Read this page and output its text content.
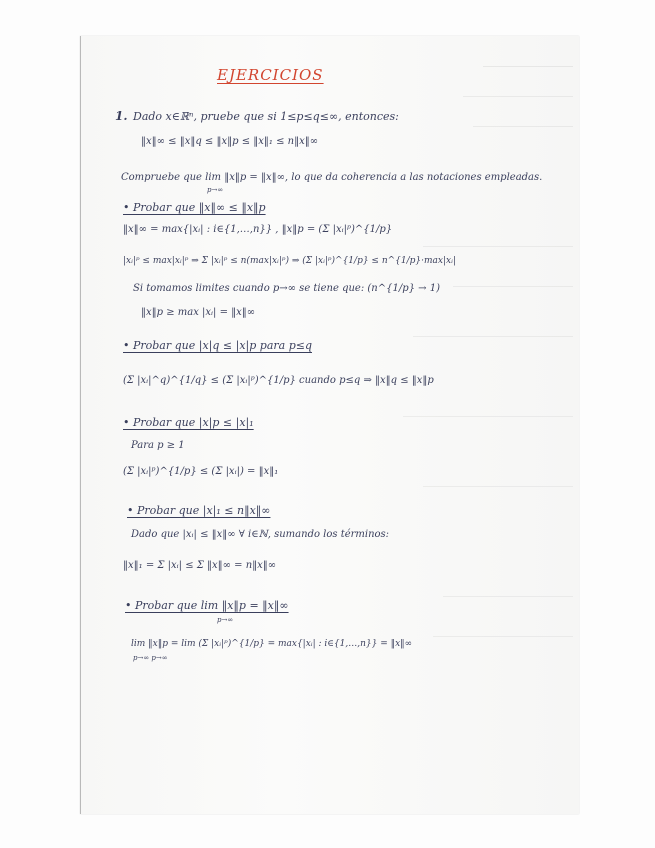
EJERCICIOS
1. Dado x∈ℝⁿ, pruebe que si 1≤p≤q≤∞, entonces:
‖x‖∞ ≤ ‖x‖q ≤ ‖x‖p ≤ ‖x‖₁ ≤ n‖x‖∞
Compruebe que lim ‖x‖p = ‖x‖∞, lo que da coherencia a las notaciones empleadas.
p→∞
• Probar que ‖x‖∞ ≤ ‖x‖p
‖x‖∞ = max{|xᵢ| : i∈{1,…,n}} , ‖x‖p = (Σ |xᵢ|ᵖ)^{1/p}
|xᵢ|ᵖ ≤ max|xᵢ|ᵖ ⇒ Σ |xᵢ|ᵖ ≤ n(max|xᵢ|ᵖ) ⇒ (Σ |xᵢ|ᵖ)^{1/p} ≤ n^{1/p}·max|xᵢ|
Si tomamos limites cuando p→∞ se tiene que: (n^{1/p} → 1)
‖x‖p ≥ max |xᵢ| = ‖x‖∞
• Probar que |x|q ≤ |x|p para p≤q
(Σ |xᵢ|^q)^{1/q} ≤ (Σ |xᵢ|ᵖ)^{1/p} cuando p≤q ⇒ ‖x‖q ≤ ‖x‖p
• Probar que |x|p ≤ |x|₁
Para p ≥ 1
(Σ |xᵢ|ᵖ)^{1/p} ≤ (Σ |xᵢ|) = ‖x‖₁
• Probar que |x|₁ ≤ n‖x‖∞
Dado que |xᵢ| ≤ ‖x‖∞ ∀ i∈ℕ, sumando los términos:
‖x‖₁ = Σ |xᵢ| ≤ Σ ‖x‖∞ = n‖x‖∞
• Probar que lim ‖x‖p = ‖x‖∞
p→∞
lim ‖x‖p = lim (Σ |xᵢ|ᵖ)^{1/p} = max{|xᵢ| : i∈{1,…,n}} = ‖x‖∞
p→∞ p→∞
